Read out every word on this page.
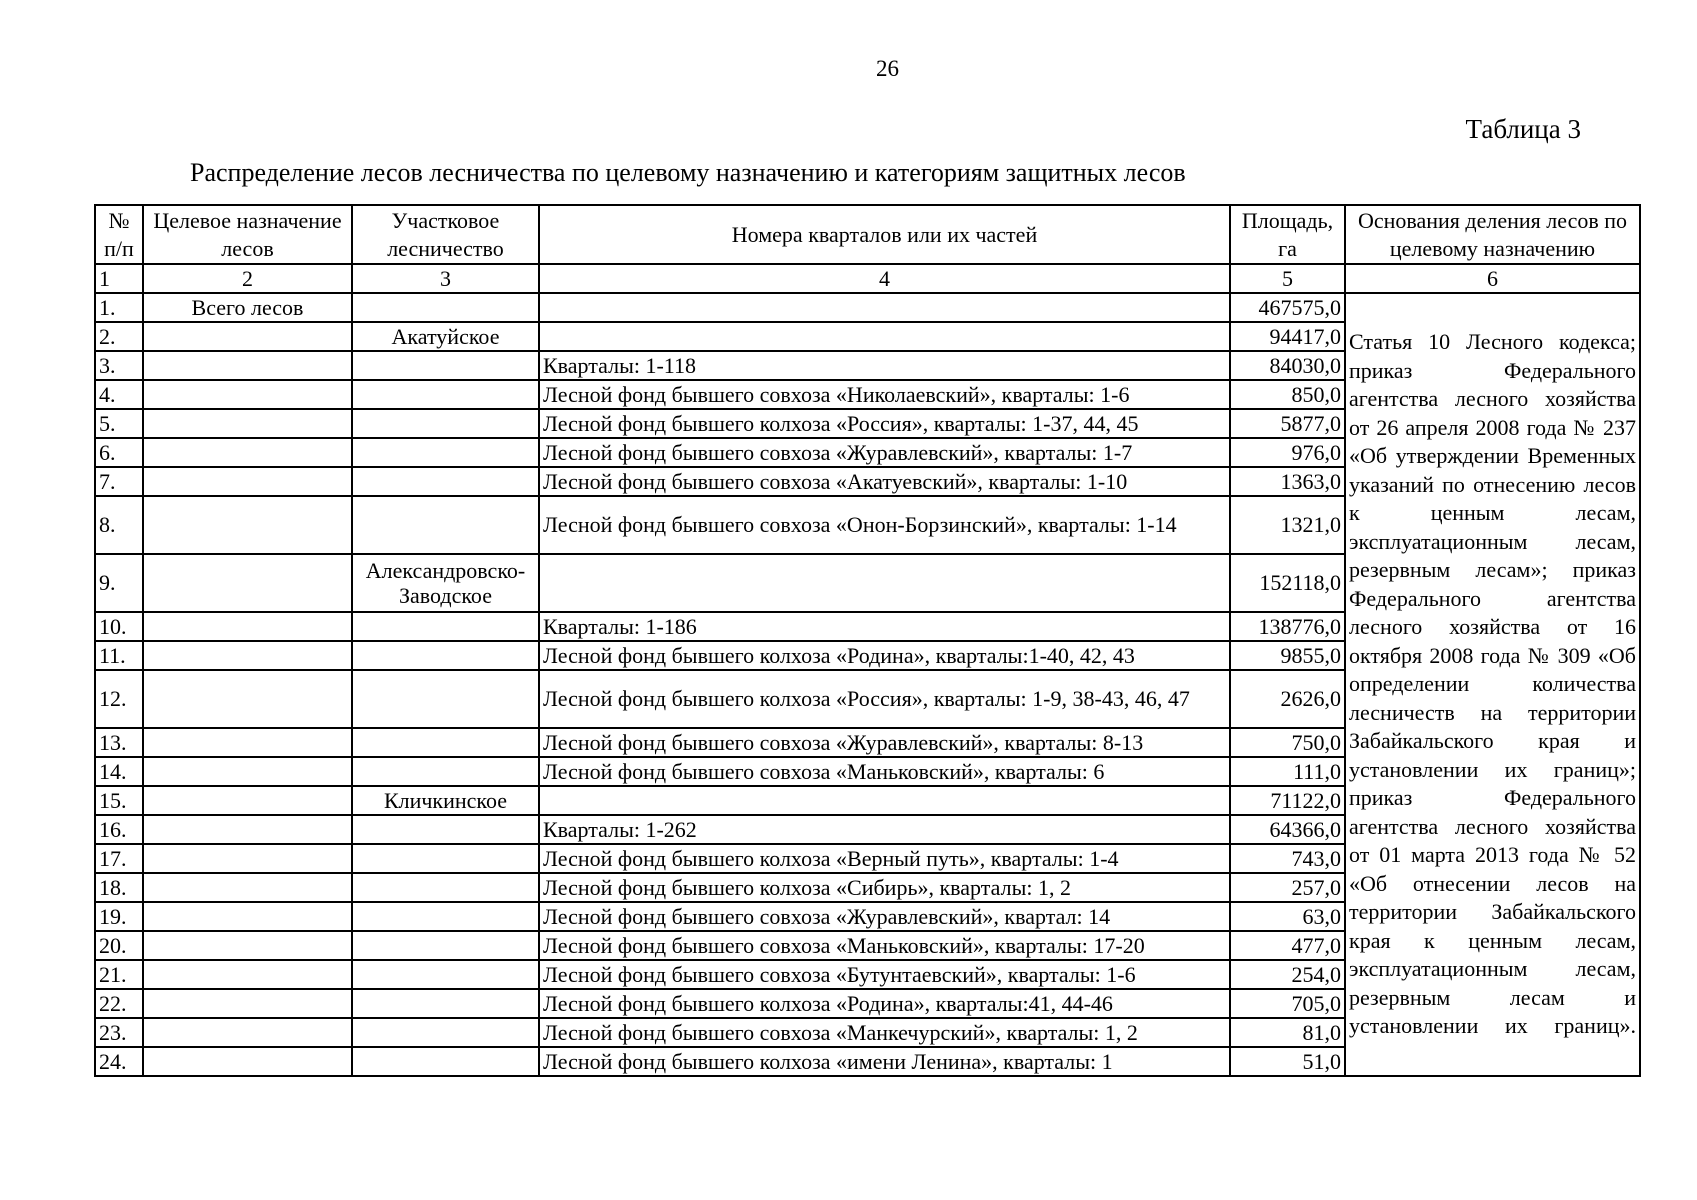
26
Таблица 3
Распределение лесов лесничества по целевому назначению и категориям защитных лесов
№ п/п	Целевое назначение лесов	Участковое лесничество	Номера кварталов или их частей	Площадь, га	Основания деления лесов по целевому назначению
1	2	3	4	5	6
1.	Всего лесов			467575,0	Статья 10 Лесного кодекса; приказ Федерального агентства лесного хозяйства от 26 апреля 2008 года № 237 «Об утверждении Временных указаний по отнесению лесов к ценным лесам, эксплуатационным лесам, резервным лесам»; приказ Федерального агентства лесного хозяйства от 16 октября 2008 года № 309 «Об определении количества лесничеств на территории Забайкальского края и установлении их границ»; приказ Федерального агентства лесного хозяйства от 01 марта 2013 года № 52 «Об отнесении лесов на территории Забайкальского края к ценным лесам, эксплуатационным лесам, резервным лесам и установлении их границ».
2.		Акатуйское		94417,0	
3.			Кварталы: 1-118	84030,0	
4.			Лесной фонд бывшего совхоза «Николаевский», кварталы: 1-6	850,0	
5.			Лесной фонд бывшего колхоза «Россия», кварталы: 1-37, 44, 45	5877,0	
6.			Лесной фонд бывшего совхоза «Журавлевский», кварталы: 1-7	976,0	
7.			Лесной фонд бывшего совхоза «Акатуевский», кварталы: 1-10	1363,0	
8.			Лесной фонд бывшего совхоза «Онон-Борзинский», кварталы: 1-14	1321,0	
9.		Александровско-Заводское		152118,0	
10.			Кварталы: 1-186	138776,0	
11.			Лесной фонд бывшего колхоза «Родина», кварталы:1-40, 42, 43	9855,0	
12.			Лесной фонд бывшего колхоза «Россия», кварталы: 1-9, 38-43, 46, 47	2626,0	
13.			Лесной фонд бывшего совхоза «Журавлевский», кварталы: 8-13	750,0	
14.			Лесной фонд бывшего совхоза «Маньковский», кварталы: 6	111,0	
15.		Кличкинское		71122,0	
16.			Кварталы: 1-262	64366,0	
17.			Лесной фонд бывшего колхоза «Верный путь», кварталы: 1-4	743,0	
18.			Лесной фонд бывшего колхоза «Сибирь», кварталы: 1, 2	257,0	
19.			Лесной фонд бывшего совхоза «Журавлевский», квартал: 14	63,0	
20.			Лесной фонд бывшего совхоза «Маньковский», кварталы: 17-20	477,0	
21.			Лесной фонд бывшего совхоза «Бутунтаевский», кварталы: 1-6	254,0	
22.			Лесной фонд бывшего колхоза «Родина», кварталы:41, 44-46	705,0	
23.			Лесной фонд бывшего совхоза «Манкечурский», кварталы: 1, 2	81,0	
24.			Лесной фонд бывшего колхоза «имени Ленина», кварталы: 1	51,0	
